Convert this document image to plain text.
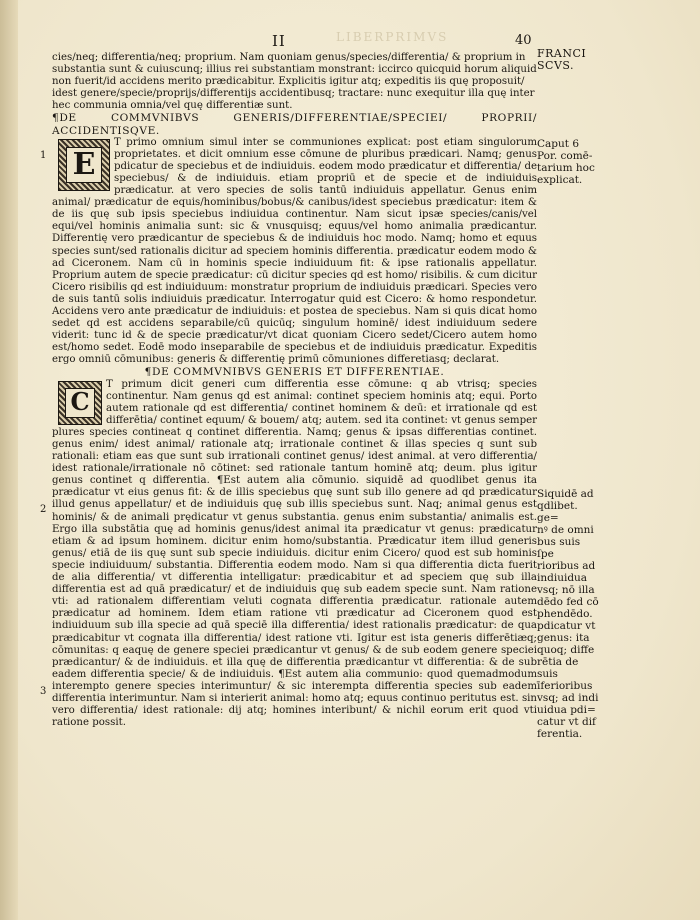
LIBERPRIMVS
II	40
FRANCI
SCVS.
Caput 6
Por. comē-
tarium hoc
explicat.
Siquidē ad
qdlibet. ge=
nꝰ de omni
bus suis ſpe
rioribus ad
indiuidua
vsq; nō illa
dēdo fed cō
phendēdo.
pdicatur vt
genus: ita
quoq; diffe
rētia de suis
īferioribus
vsq; ad indi
uidua pdi=
catur vt dif
ferentia.
1
2
3

cies/neq; differentia/neq; proprium. Nam quoniam genus/species/differentia/ & proprium in

substantia sunt & cuiuscunq; illius rei substantiam monstrant: iccirco quicquid horum aliquid

non fuerit/id accidens merito prædicabitur. Explicitis igitur atq; expeditis iis quę proposuit/

idest genere/specie/proprijs/differentijs accidentibusq; tractare: nunc exequitur illa quę inter

hec communia omnia/vel quę differentiæ sunt.

¶DE COMMVNIBVS GENERIS/DIFFERENTIAE/SPECIEI/ PROPRII/ ACCIDENTISQVE.

E

T primo omnium simul inter se communiones explicat: post etiam singulorum proprietates. et dicit omnium esse cōmune de pluribus prædicari. Namq; genus pdicatur de speciebus et de indiuiduis. eodem modo prædicatur et differentia/ de speciebus/ & de indiuiduis. etiam propriū et de specie et de indiuiduis prædicatur. at vero species de solis tantū indiuiduis appellatur. Genus enim animal/ prædicatur de equis/hominibus/bobus/& canibus/idest speciebus prædicatur: item & de iis quę sub ipsis speciebus indiuidua continentur. Nam sicut ipsæ species/canis/vel equi/vel hominis animalia sunt: sic & vnusquisq; equus/vel homo animalia prædicantur. Differentię vero prædicantur de speciebus & de indiuiduis hoc modo. Namq; homo et equus species sunt/sed rationalis dicitur ad speciem hominis differentia. prædicatur eodem modo & ad Ciceronem. Nam cū in hominis specie indiuiduum fit: & ipse rationalis appellatur. Proprium autem de specie prædicatur: cū dicitur species qd est homo/ risibilis. & cum dicitur Cicero risibilis qd est indiuiduum: monstratur proprium de indiuiduis prædicari. Species vero de suis tantū solis indiuiduis prædicatur. Interrogatur quid est Cicero: & homo respondetur. Accidens vero ante prædicatur de indiuiduis: et postea de speciebus. Nam si quis dicat homo sedet qd est accidens separabile/cū quicūq; singulum hominē/ idest indiuiduum sedere viderit: tunc id & de specie prædicatur/vt dicat quoniam Cicero sedet/Cicero autem homo est/homo sedet. Eodē modo inseparabile de speciebus et de indiuiduis prædicatur. Expeditis ergo omniū cōmunibus: generis & differentię primū cōmuniones differetiasq; declarat.

¶DE COMMVNIBVS GENERIS ET DIFFERENTIAE.

C

T primum dicit generi cum differentia esse cōmune: q ab vtrisq; species continentur. Nam genus qd est animal: continet speciem hominis atq; equi. Porto autem rationale qd est differentia/ continet hominem & deū: et irrationale qd est differētia/ continet equum/ & bouem/ atq; autem. sed ita continet: vt genus semper plures species contineat q continet differentia. Namq; genus & ipsas differentias continet. genus enim/ idest animal/ rationale atq; irrationale continet & illas species q sunt sub rationali: etiam eas que sunt sub irrationali continet genus/ idest animal. at vero differentia/ idest rationale/irrationale nō cōtinet: sed rationale tantum hominē atq; deum. plus igitur genus continet q differentia. ¶Est autem alia cōmunio. siquidē ad quodlibet genus ita prædicatur vt eius genus fit: & de illis speciebus quę sunt sub illo genere ad qd prædicatur illud genus appellatur/ et de indiuiduis quę sub illis speciebus sunt. Naq; animal genus est hominis/ & de animali prędicatur vt genus substantia. genus enim substantia/ animalis est. Ergo illa substātia quę ad hominis genus/idest animal ita prædicatur vt genus: prædicatur etiam & ad ipsum hominem. dicitur enim homo/substantia. Prædicatur item illud generis genus/ etiā de iis quę sunt sub specie indiuiduis. dicitur enim Cicero/ quod est sub hominis specie indiuiduum/ substantia. Differentia eodem modo. Nam si qua differentia dicta fuerit de alia differentia/ vt differentia intelligatur: prædicabitur et ad speciem quę sub illa differentia est ad quā prædicatur/ et de indiuiduis quę sub eadem specie sunt. Nam ratione vti: ad rationalem differentiam veluti cognata differentia prædicatur. rationale autem prædicatur ad hominem. Idem etiam ratione vti prædicatur ad Ciceronem quod est indiuiduum sub illa specie ad quā speciē illa differentia/ idest rationalis prædicatur: de qua prædicabitur vt cognata illa differentia/ idest ratione vti. Igitur est ista generis differētiæq; cōmunitas: q eaquę de genere speciei prædicantur vt genus/ & de sub eodem genere speciei prædicantur/ & de indiuiduis. et illa quę de differentia prædicantur vt differentia: & de sub eadem differentia specie/ & de indiuiduis. ¶Est autem alia communio: quod quemadmodum interempto genere species interimuntur/ & sic interempta differentia species sub eadem differentia interimuntur. Nam si interierit animal: homo atq; equus continuo peritutus est. sin vero differentia/ idest rationale: dij atq; homines interibunt/ & nichil eorum erit quod vti ratione possit.
